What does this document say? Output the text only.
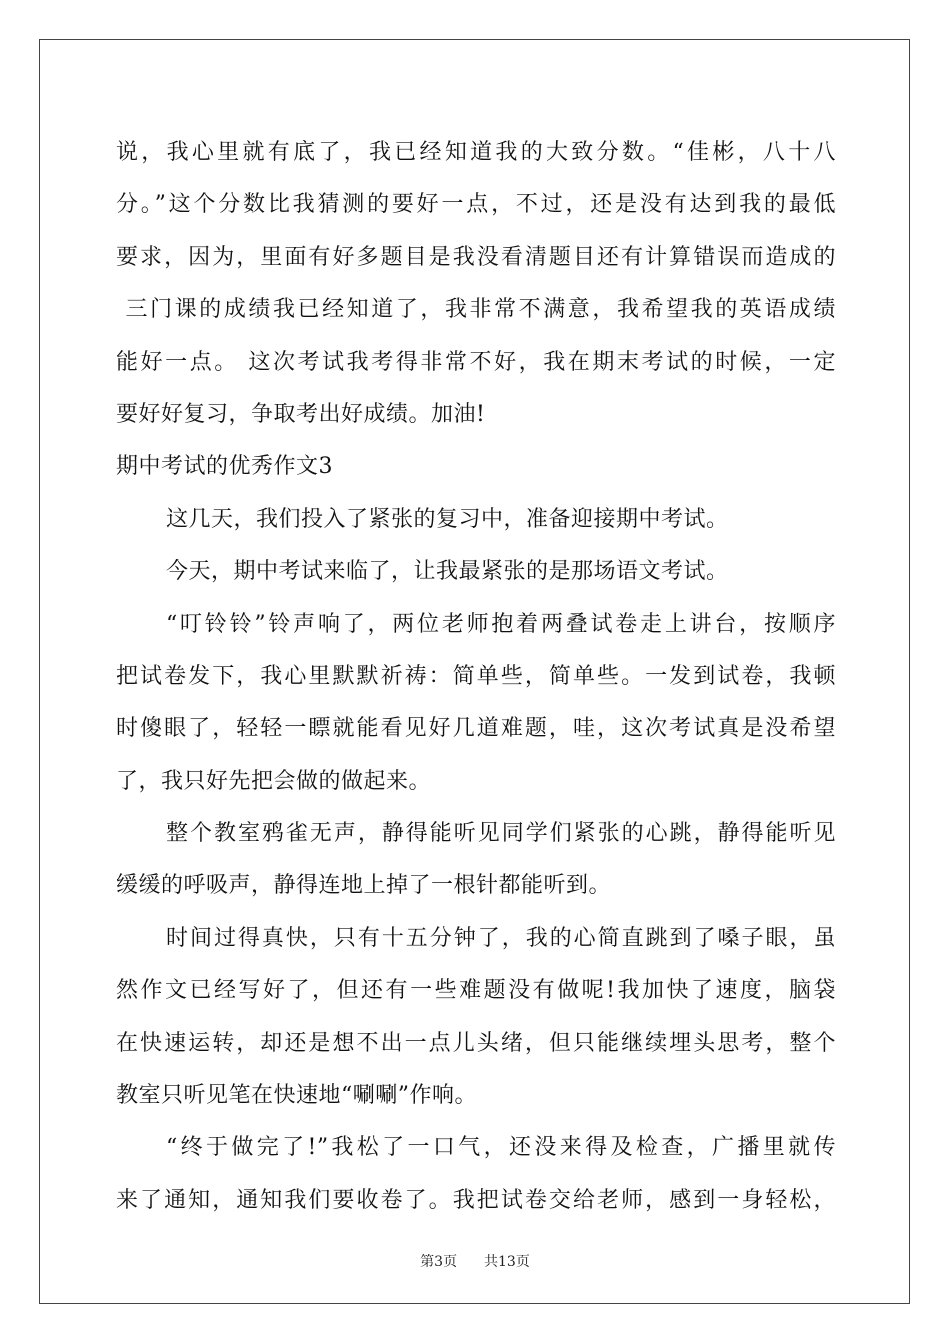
说，我心里就有底了，我已经知道我的大致分数。“佳彬，八十八
分。”这个分数比我猜测的要好一点，不过，还是没有达到我的最低
要求，因为，里面有好多题目是我没看清题目还有计算错误而造成的
三门课的成绩我已经知道了，我非常不满意，我希望我的英语成绩
能好一点。 这次考试我考得非常不好，我在期末考试的时候，一定
要好好复习，争取考出好成绩。加油!
期中考试的优秀作文3
这几天，我们投入了紧张的复习中，准备迎接期中考试。
今天，期中考试来临了，让我最紧张的是那场语文考试。
“叮铃铃”铃声响了，两位老师抱着两叠试卷走上讲台，按顺序
把试卷发下，我心里默默祈祷：简单些，简单些。一发到试卷，我顿
时傻眼了，轻轻一瞟就能看见好几道难题，哇，这次考试真是没希望
了，我只好先把会做的做起来。
整个教室鸦雀无声，静得能听见同学们紧张的心跳，静得能听见
缓缓的呼吸声，静得连地上掉了一根针都能听到。
时间过得真快，只有十五分钟了，我的心简直跳到了嗓子眼，虽
然作文已经写好了，但还有一些难题没有做呢!我加快了速度，脑袋
在快速运转，却还是想不出一点儿头绪，但只能继续埋头思考，整个
教室只听见笔在快速地“唰唰”作响。
“终于做完了!”我松了一口气，还没来得及检查，广播里就传
来了通知，通知我们要收卷了。我把试卷交给老师，感到一身轻松，
第3页 共13页
